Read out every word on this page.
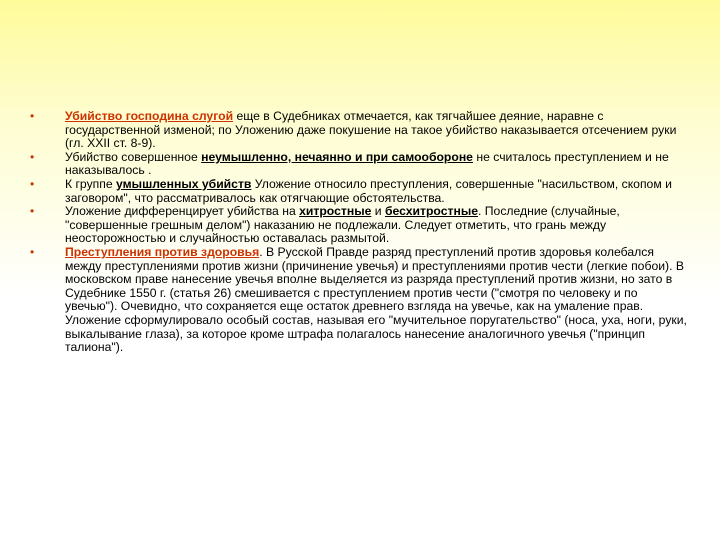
•	Убийство господина слугой еще в Судебниках отмечается, как тягчайшее деяние, наравне с государственной изменой; по Уложению даже покушение на такое убийство наказывается отсечением руки (гл. XXII ст. 8-9).
•	Убийство совершенное неумышленно, нечаянно и при самообороне не считалось преступлением и не наказывалось .
•	К группе умышленных убийств Уложение относило преступления, совершенные "насильством, скопом и заговором", что рассматривалось как отягчающие обстоятельства.
•	Уложение дифференцирует убийства на хитростные и бесхитростные. Последние (случайные, "совершенные грешным делом") наказанию не подлежали. Следует отметить, что грань между неосторожностью и случайностью оставалась размытой.
•	Преступления против здоровья. В Русской Правде разряд преступлений против здоровья колебался между преступлениями против жизни (причинение увечья) и преступлениями против чести (легкие побои). В московском праве нанесение увечья вполне выделяется из разряда преступлений против жизни, но зато в Судебнике 1550 г. (статья 26) смешивается с преступлением против чести ("смотря по человеку и по увечью"). Очевидно, что сохраняется еще остаток древнего взгляда на увечье, как на умаление прав. Уложение сформулировало особый состав, называя его "мучительное поругательство" (носа, уха, ноги, руки, выкалывание глаза), за которое кроме штрафа полагалось нанесение аналогичного увечья ("принцип талиона").
